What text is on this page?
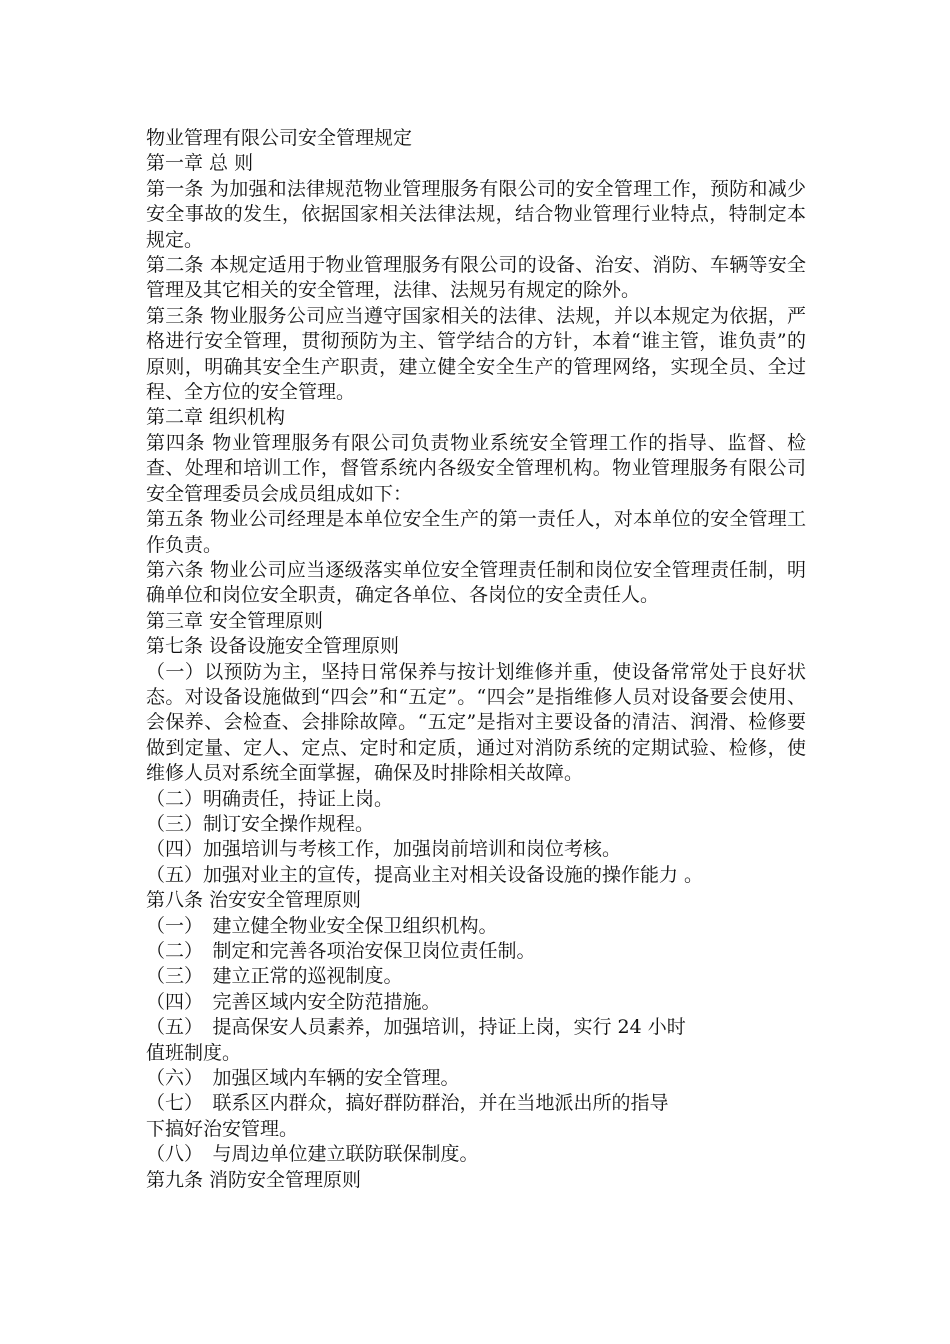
物业管理有限公司安全管理规定

第一章 总 则

第一条 为加强和法律规范物业管理服务有限公司的安全管理工作，预防和减少安全事故的发生，依据国家相关法律法规，结合物业管理行业特点，特制定本规定。

第二条 本规定适用于物业管理服务有限公司的设备、治安、消防、车辆等安全管理及其它相关的安全管理，法律、法规另有规定的除外。

第三条 物业服务公司应当遵守国家相关的法律、法规，并以本规定为依据，严格进行安全管理，贯彻预防为主、管学结合的方针，本着“谁主管，谁负责”的原则，明确其安全生产职责，建立健全安全生产的管理网络，实现全员、全过程、全方位的安全管理。

第二章 组织机构

第四条 物业管理服务有限公司负责物业系统安全管理工作的指导、监督、检查、处理和培训工作，督管系统内各级安全管理机构。物业管理服务有限公司安全管理委员会成员组成如下：

第五条 物业公司经理是本单位安全生产的第一责任人，对本单位的安全管理工作负责。

第六条 物业公司应当逐级落实单位安全管理责任制和岗位安全管理责任制，明确单位和岗位安全职责，确定各单位、各岗位的安全责任人。

第三章 安全管理原则

第七条 设备设施安全管理原则

（一）以预防为主，坚持日常保养与按计划维修并重，使设备常常处于良好状态。对设备设施做到“四会”和“五定”。“四会”是指维修人员对设备要会使用、会保养、会检查、会排除故障。“五定”是指对主要设备的清洁、润滑、检修要做到定量、定人、定点、定时和定质，通过对消防系统的定期试验、检修，使维修人员对系统全面掌握，确保及时排除相关故障。

（二）明确责任，持证上岗。

（三）制订安全操作规程。

（四）加强培训与考核工作，加强岗前培训和岗位考核。

（五）加强对业主的宣传，提高业主对相关设备设施的操作能力 。

第八条 治安安全管理原则

（一）　建立健全物业安全保卫组织机构。

（二）　制定和完善各项治安保卫岗位责任制。

（三）　建立正常的巡视制度。

（四）　完善区域内安全防范措施。

（五）　提高保安人员素养，加强培训，持证上岗，实行 24 小时

值班制度。

（六）　加强区域内车辆的安全管理。

（七）　联系区内群众，搞好群防群治，并在当地派出所的指导

下搞好治安管理。

（八）　与周边单位建立联防联保制度。

第九条 消防安全管理原则
